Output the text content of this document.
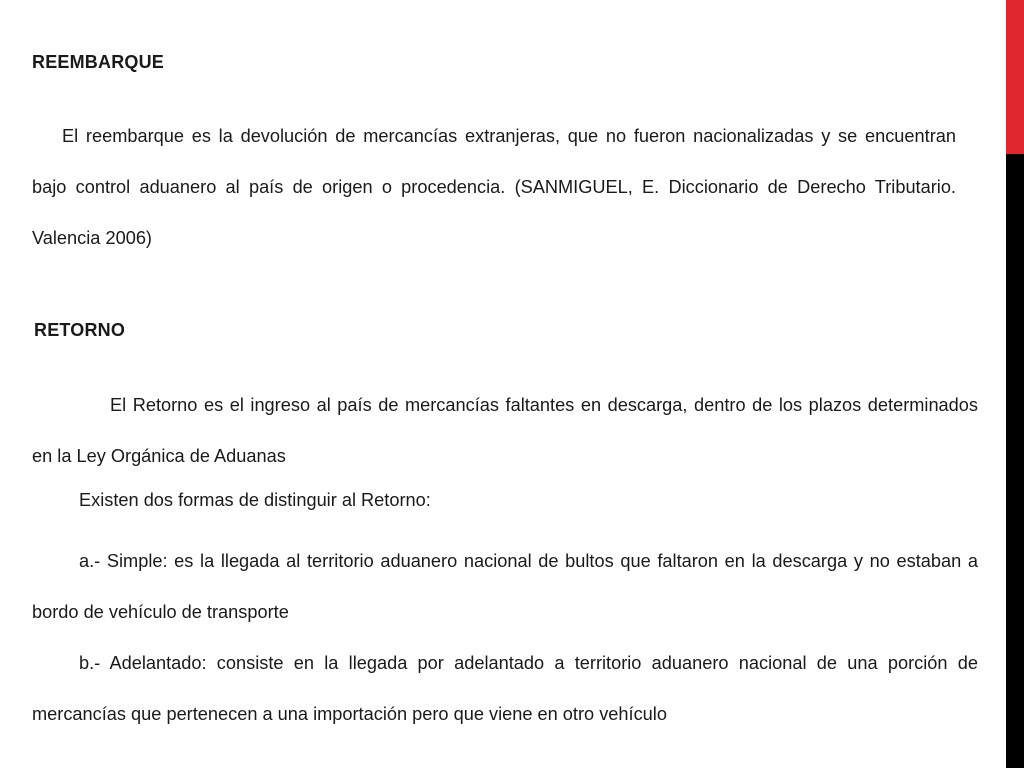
REEMBARQUE

El reembarque es la devolución de mercancías extranjeras, que no fueron nacionalizadas y se encuentran bajo control aduanero al país de origen o procedencia. (SANMIGUEL, E. Diccionario de Derecho Tributario. Valencia 2006)

RETORNO

El Retorno es el ingreso al país de mercancías faltantes en descarga, dentro de los plazos determinados en la Ley Orgánica de Aduanas

Existen dos formas de distinguir al Retorno:

a.- Simple: es la llegada al territorio aduanero nacional de bultos que faltaron en la descarga y no estaban a bordo de vehículo de transporte

b.- Adelantado: consiste en la llegada por adelantado a territorio aduanero nacional de una porción de mercancías que pertenecen a una importación pero que viene en otro vehículo
